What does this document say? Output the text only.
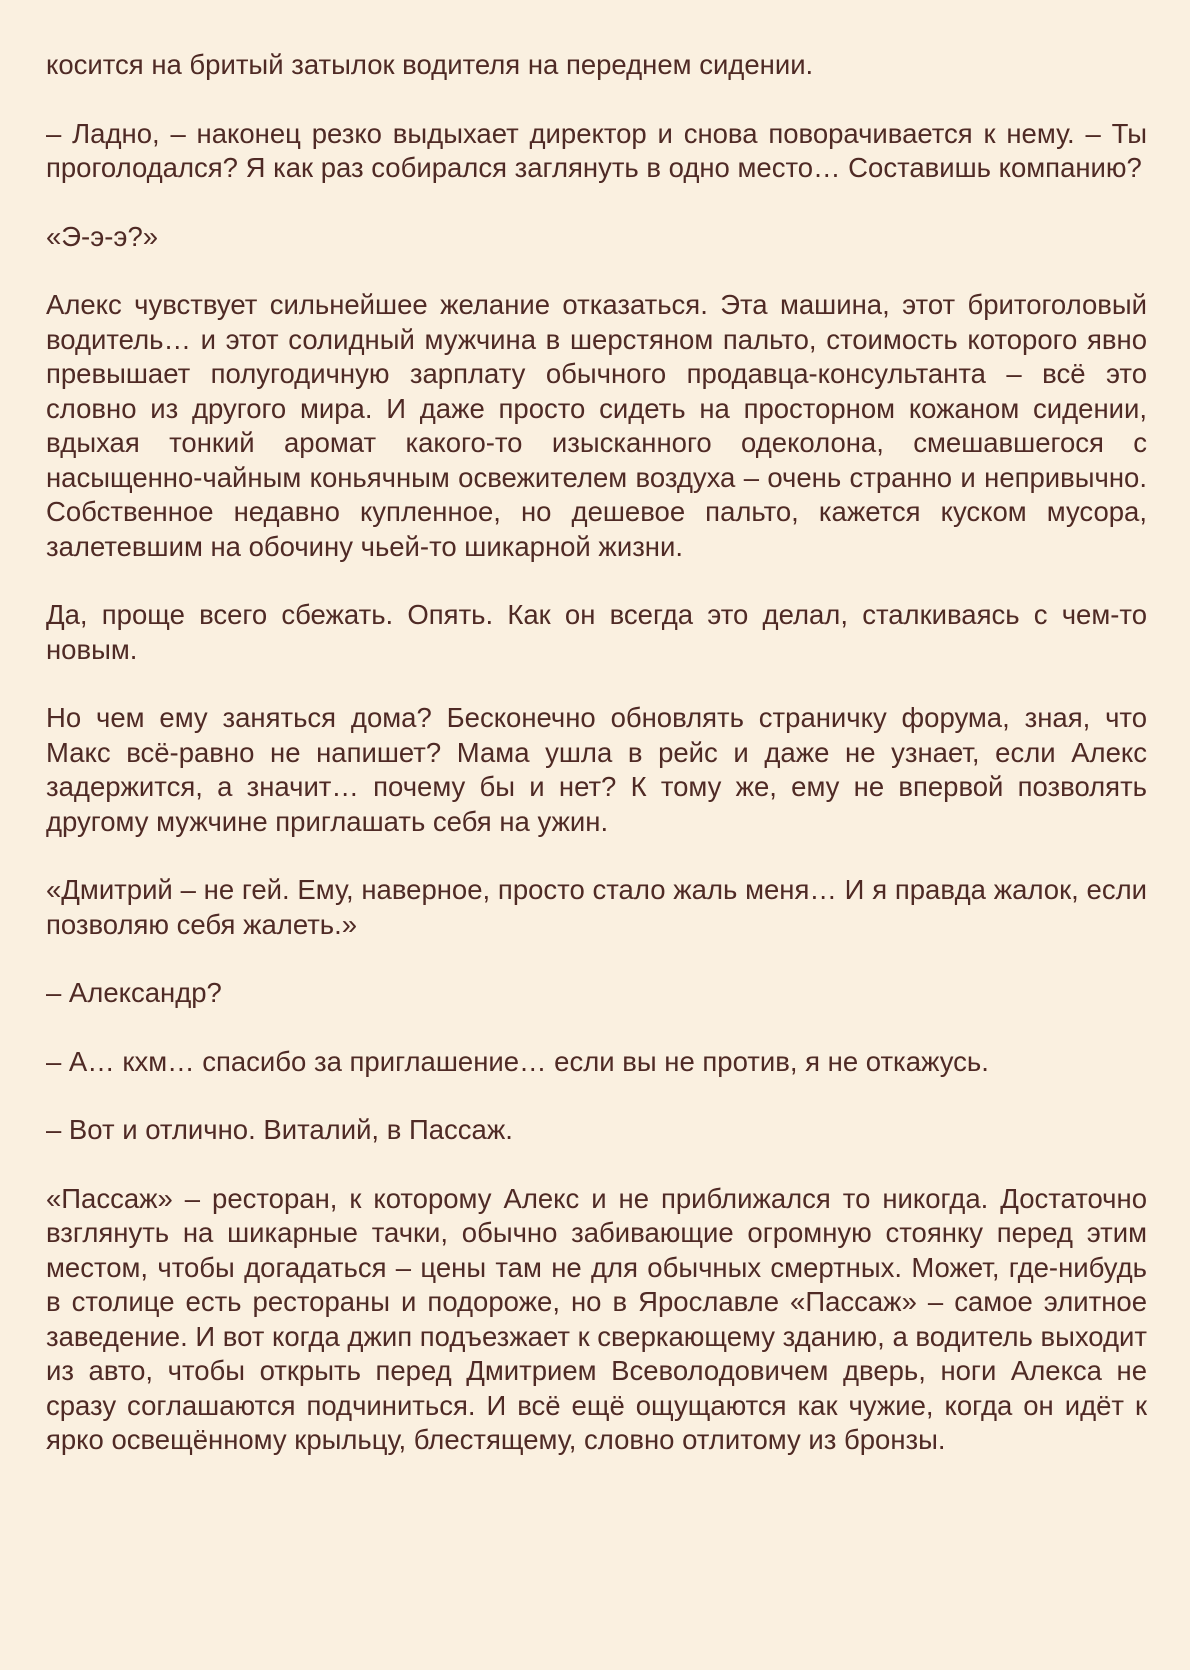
косится на бритый затылок водителя на переднем сидении.

– Ладно, – наконец резко выдыхает директор и снова поворачивается к нему. – Ты проголодался? Я как раз собирался заглянуть в одно место… Составишь компанию?

«Э-э-э?»

Алекс чувствует сильнейшее желание отказаться. Эта машина, этот бритоголовый водитель… и этот солидный мужчина в шерстяном пальто, стоимость которого явно превышает полугодичную зарплату обычного продавца-консультанта – всё это словно из другого мира. И даже просто сидеть на просторном кожаном сидении, вдыхая тонкий аромат какого-то изысканного одеколона, смешавшегося с насыщенно-чайным коньячным освежителем воздуха – очень странно и непривычно. Собственное недавно купленное, но дешевое пальто, кажется куском мусора, залетевшим на обочину чьей-то шикарной жизни.

Да, проще всего сбежать. Опять. Как он всегда это делал, сталкиваясь с чем-то новым.

Но чем ему заняться дома? Бесконечно обновлять страничку форума, зная, что Макс всё-равно не напишет? Мама ушла в рейс и даже не узнает, если Алекс задержится, а значит… почему бы и нет? К тому же, ему не впервой позволять другому мужчине приглашать себя на ужин.

«Дмитрий – не гей. Ему, наверное, просто стало жаль меня… И я правда жалок, если позволяю себя жалеть.»

– Александр?

– А… кхм… спасибо за приглашение… если вы не против, я не откажусь.

– Вот и отлично. Виталий, в Пассаж.

«Пассаж» – ресторан, к которому Алекс и не приближался то никогда. Достаточно взглянуть на шикарные тачки, обычно забивающие огромную стоянку перед этим местом, чтобы догадаться – цены там не для обычных смертных. Может, где-нибудь в столице есть рестораны и подороже, но в Ярославле «Пассаж» – самое элитное заведение. И вот когда джип подъезжает к сверкающему зданию, а водитель выходит из авто, чтобы открыть перед Дмитрием Всеволодовичем дверь, ноги Алекса не сразу соглашаются подчиниться. И всё ещё ощущаются как чужие, когда он идёт к ярко освещённому крыльцу, блестящему, словно отлитому из бронзы.
